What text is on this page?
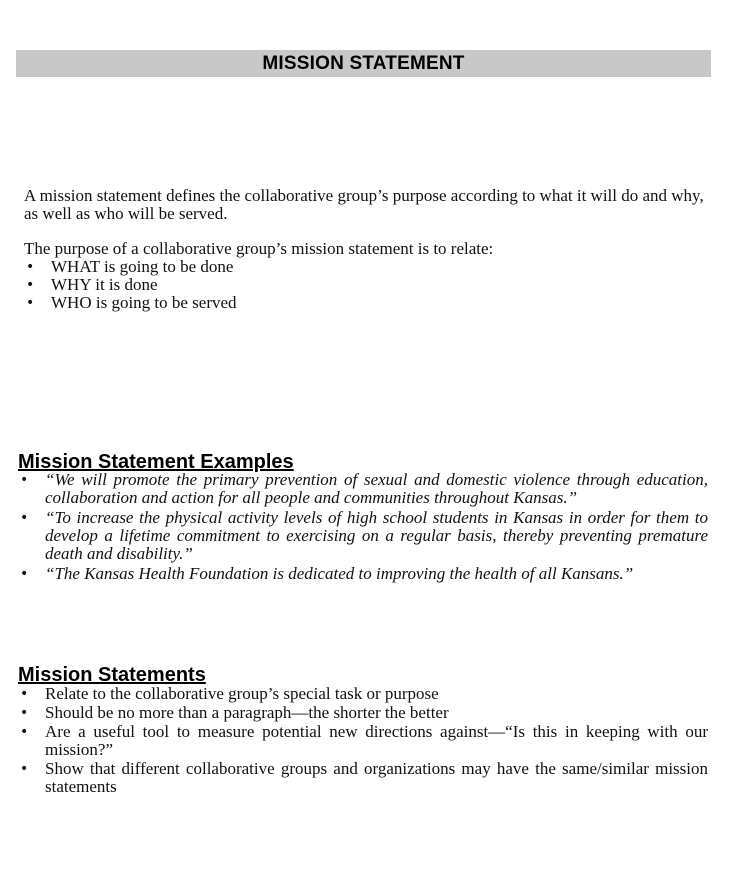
MISSION STATEMENT

A mission statement defines the collaborative group’s purpose according to what it will do and why, as well as who will be served.

The purpose of a collaborative group’s mission statement is to relate:

• WHAT is going to be done
• WHY it is done
• WHO is going to be served
Mission Statement Examples
• “We will promote the primary prevention of sexual and domestic violence through education, collaboration and action for all people and communities throughout Kansas.”
• “To increase the physical activity levels of high school students in Kansas in order for them to develop a lifetime commitment to exercising on a regular basis, thereby preventing premature death and disability.”
• “The Kansas Health Foundation is dedicated to improving the health of all Kansans.”
Mission Statements
• Relate to the collaborative group’s special task or purpose
• Should be no more than a paragraph—the shorter the better
• Are a useful tool to measure potential new directions against—“Is this in keeping with our mission?”
• Show that different collaborative groups and organizations may have the same/similar mission statements
